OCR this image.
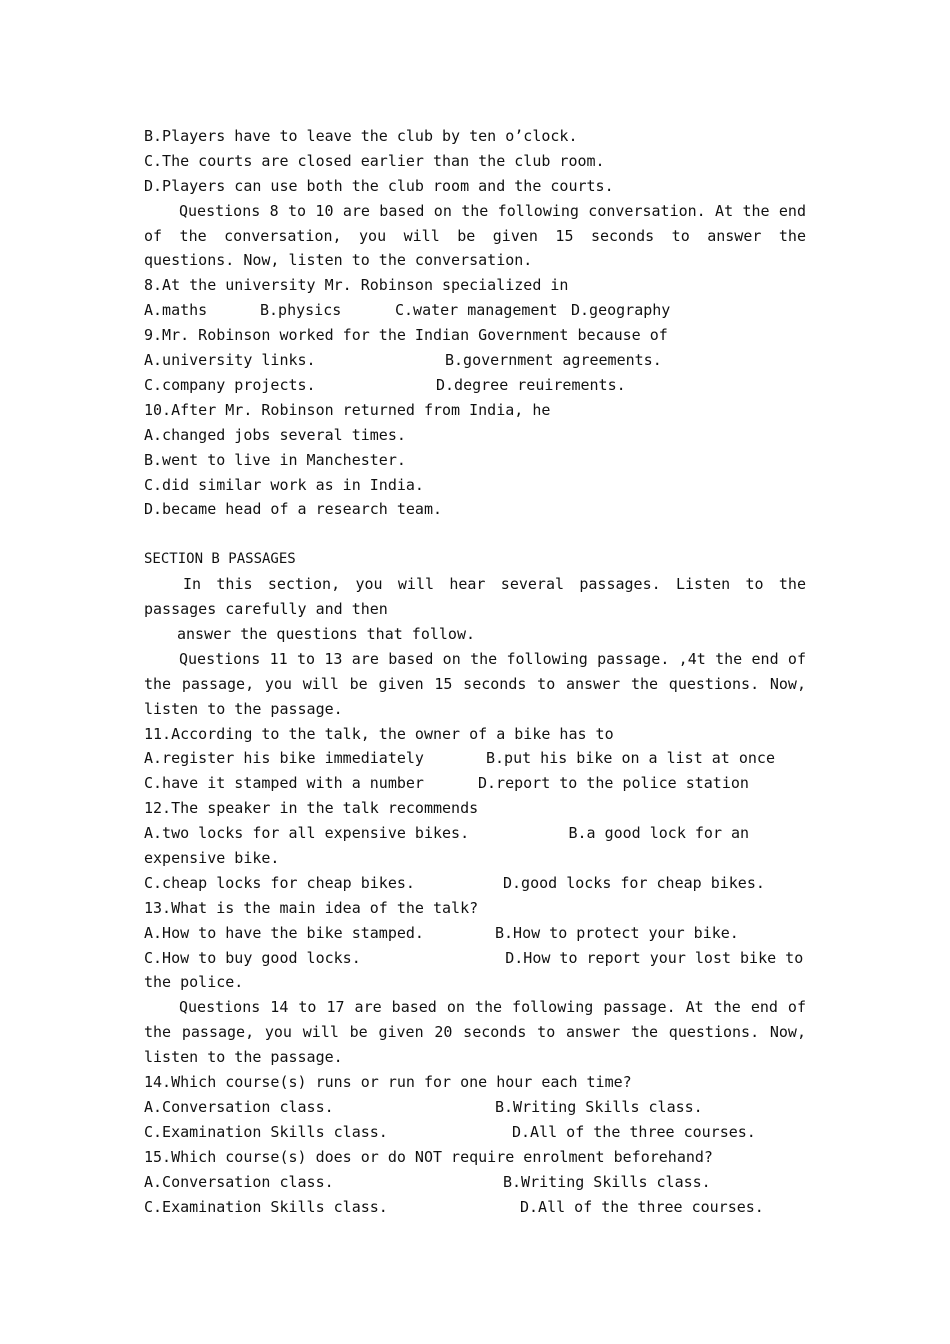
B.Players have to leave the club by ten o’clock.
C.The courts are closed earlier than the club room.
D.Players can use both the club room and the courts.
Questions 8 to 10 are based on the following conversation. At the end of the conversation, you will be given 15 seconds to answer the questions. Now, listen to the conversation.
8.At the university Mr. Robinson specialized in

A.maths

	B.physics

	C.water management

D.geography

9.Mr. Robinson worked for the Indian Government because of

A.university links.

	B.government agreements.

C.company projects.

	D.degree reuirements.

10.After Mr. Robinson returned from India, he
A.changed jobs several times.
B.went to live in Manchester.
C.did similar work as in India.
D.became head of a research team.
SECTION B PASSAGES
In this section, you will hear several passages. Listen to the passages carefully and then
answer the questions that follow.
Questions 11 to 13 are based on the following passage. ,4t the end of the passage, you will be given 15 seconds to answer the questions. Now, listen to the passage.
11.According to the talk, the owner of a bike has to

A.register his bike immediately

	B.put his bike on a list at once

C.have it stamped with a number

	D.report to the police station

12.The speaker in the talk recommends
A.two locks for all expensive bikes.           B.a good lock for an expensive bike.

C.cheap locks for cheap bikes.

	D.good locks for cheap bikes.

13.What is the main idea of the talk?

A.How to have the bike stamped.

	B.How to protect your bike.

C.How to buy good locks.                D.How to report your lost bike to the police.
Questions 14 to 17 are based on the following passage. At the end of the passage, you will be given 20 seconds to answer the questions. Now, listen to the passage.
14.Which course(s) runs or run for one hour each time?

A.Conversation class.

	B.Writing Skills class.

C.Examination Skills class.

	D.All of the three courses.

15.Which course(s) does or do NOT require enrolment beforehand?

A.Conversation class.

	B.Writing Skills class.

C.Examination Skills class.

	D.All of the three courses.
